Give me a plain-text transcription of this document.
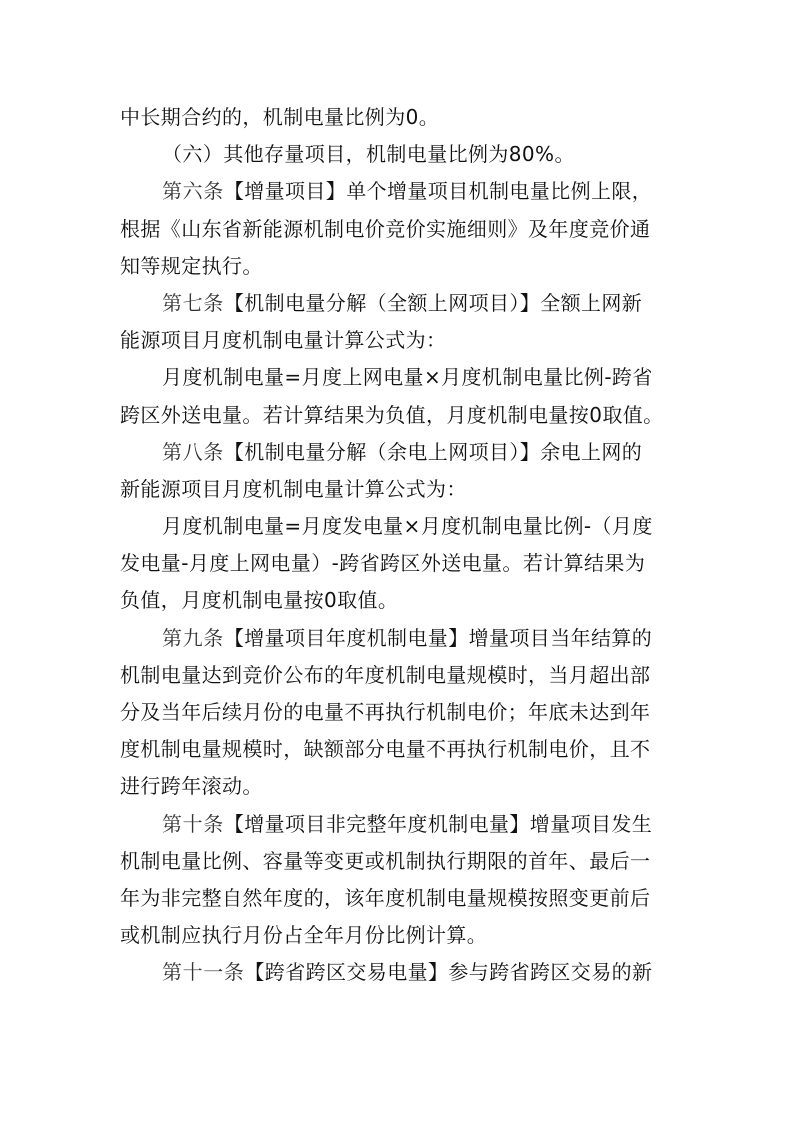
中长期合约的，机制电量比例为0。
（六）其他存量项目，机制电量比例为80%。
第六条【增量项目】单个增量项目机制电量比例上限，
根据《山东省新能源机制电价竞价实施细则》及年度竞价通
知等规定执行。
第七条【机制电量分解（全额上网项目）】全额上网新
能源项目月度机制电量计算公式为：
月度机制电量=月度上网电量×月度机制电量比例-跨省
跨区外送电量。若计算结果为负值，月度机制电量按0取值。
第八条【机制电量分解（余电上网项目）】余电上网的
新能源项目月度机制电量计算公式为：
月度机制电量=月度发电量×月度机制电量比例-（月度
发电量-月度上网电量）-跨省跨区外送电量。若计算结果为
负值，月度机制电量按0取值。
第九条【增量项目年度机制电量】增量项目当年结算的
机制电量达到竞价公布的年度机制电量规模时，当月超出部
分及当年后续月份的电量不再执行机制电价；年底未达到年
度机制电量规模时，缺额部分电量不再执行机制电价，且不
进行跨年滚动。
第十条【增量项目非完整年度机制电量】增量项目发生
机制电量比例、容量等变更或机制执行期限的首年、最后一
年为非完整自然年度的，该年度机制电量规模按照变更前后
或机制应执行月份占全年月份比例计算。
第十一条【跨省跨区交易电量】参与跨省跨区交易的新
